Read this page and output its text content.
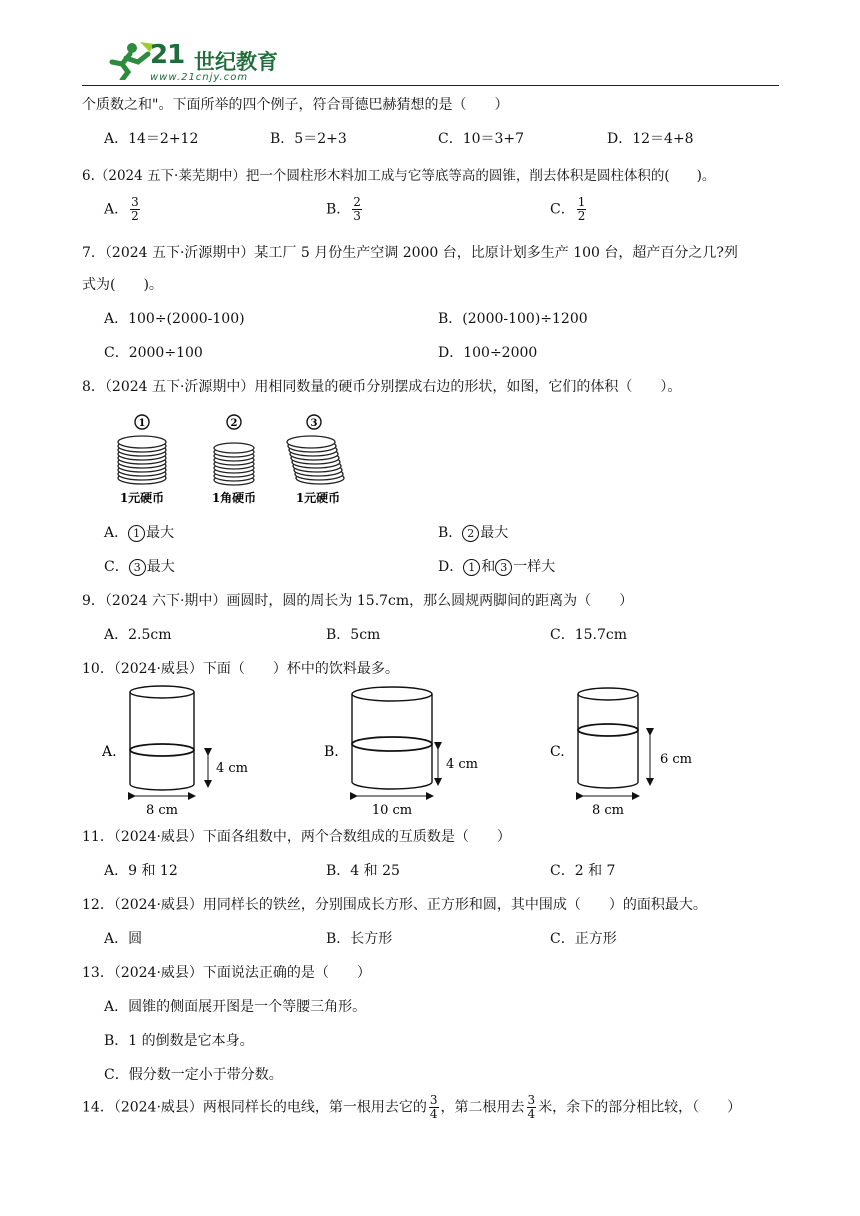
21 世纪教育
www.21cnjy.com
个质数之和"。下面所举的四个例子，符合哥德巴赫猜想的是（　　）
A．14＝2+12	B．5＝2+3	C．10＝3+7	D．12＝4+8
6.（2024 五下·莱芜期中）把一个圆柱形木料加工成与它等底等高的圆锥，削去体积是圆柱体积的(　　)。
A． $\frac{3}{2}$	B． $\frac{2}{3}$	C． $\frac{1}{2}$
7．（2024 五下·沂源期中）某工厂 5 月份生产空调 2000 台，比原计划多生产 100 台，超产百分之几?列
式为(　　)。
A．100÷(2000-100)	B．(2000-100)÷1200
C．2000÷100	D．100÷2000
8．（2024 五下·沂源期中）用相同数量的硬币分别摆成右边的形状，如图，它们的体积（　　）。
1	2	3
1元硬币	1角硬币	1元硬币
A． 1 最大	B． 2 最大
C． 3 最大	D． 1 和 3 一样大
9．（2024 六下·期中）画圆时，圆的周长为 15.7cm，那么圆规两脚间的距离为（　　）
A．2.5cm	B．5cm	C．15.7cm
10．（2024·威县）下面（　　）杯中的饮料最多。
A.
4 cm
8 cm
B.
4 cm
10 cm
C.	6 cm
8 cm
11．（2024·威县）下面各组数中，两个合数组成的互质数是（　　）
A．9 和 12	B．4 和 25	C．2 和 7
12．（2024·威县）用同样长的铁丝，分别围成长方形、正方形和圆，其中围成（　　）的面积最大。
A．圆	B．长方形	C．正方形
13．（2024·威县）下面说法正确的是（　　）
A．圆锥的侧面展开图是一个等腰三角形。
B．1 的倒数是它本身。
C．假分数一定小于带分数。
14．（2024·威县）两根同样长的电线，第一根用去它的 $\frac{3}{4}$ ，第二根用去 $\frac{3}{4}$ 米，余下的部分相比较，（　　）
